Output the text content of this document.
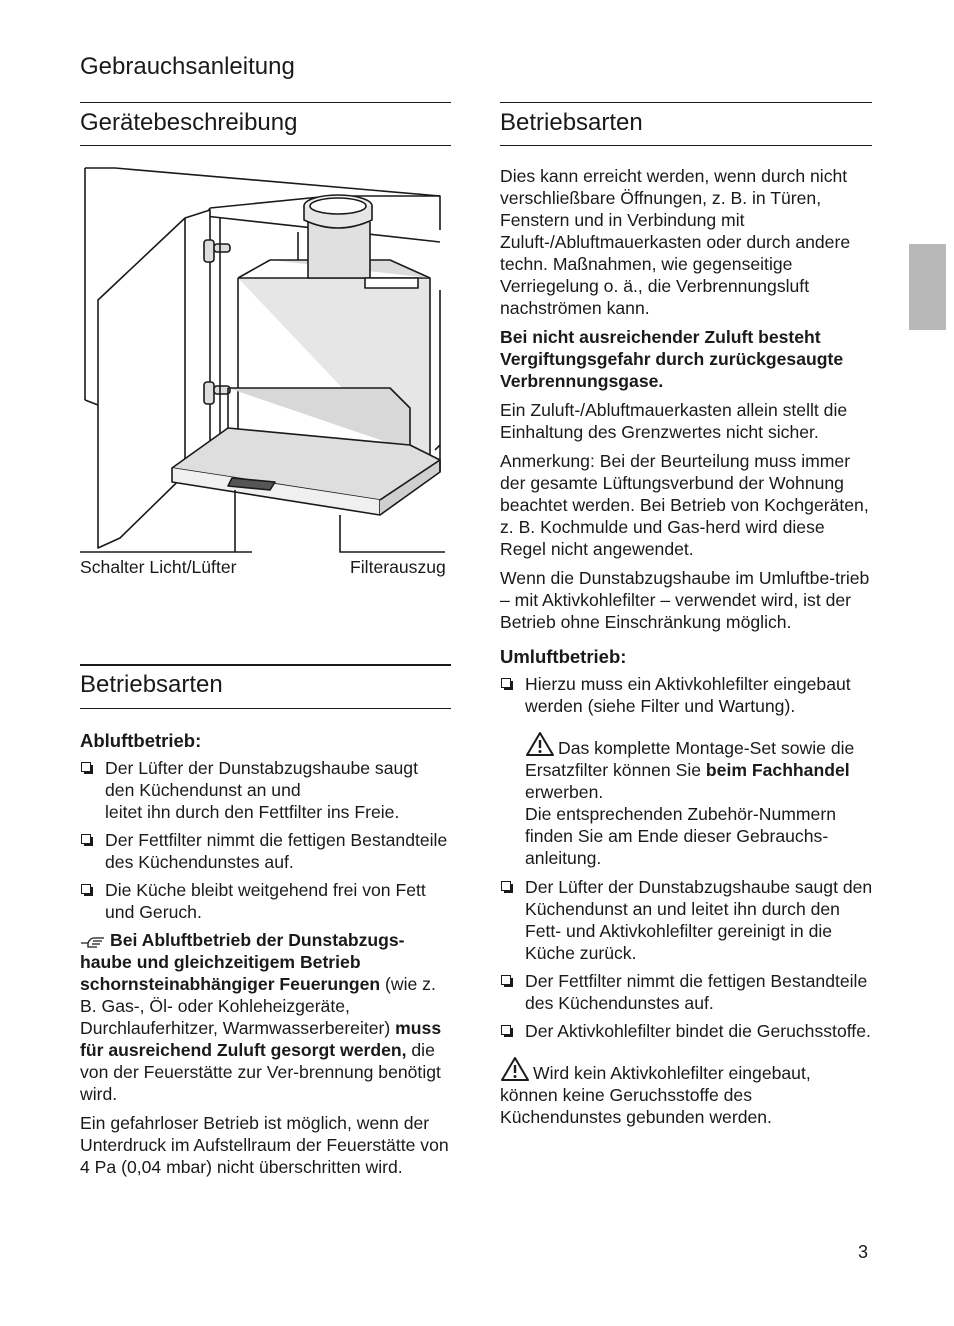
Gebrauchsanleitung
Gerätebeschreibung
Schalter Licht/Lüfter	Filterauszug
Betriebsarten
Abluftbetrieb:
Der Lüfter der Dunstabzugshaube saugt
den Küchendunst an und
leitet ihn durch den Fettfilter ins Freie.
Der Fettfilter nimmt die fettigen Bestandteile des Küchendunstes auf.
Die Küche bleibt weitgehend frei von Fett und Geruch.

Bei Abluftbetrieb der Dunstabzugs-haube und gleichzeitigem Betrieb schornsteinabhängiger Feuerungen (wie z. B. Gas-, Öl- oder Kohleheizgeräte, Durchlauferhitzer, Warmwasserbereiter) muss für ausreichend Zuluft gesorgt werden, die von der Feuerstätte zur Ver-brennung benötigt wird.

Ein gefahrloser Betrieb ist möglich, wenn der Unterdruck im Aufstellraum der Feuerstätte von 4 Pa (0,04 mbar) nicht überschritten wird.

Betriebsarten

Dies kann erreicht werden, wenn durch nicht verschließbare Öffnungen, z. B. in Türen, Fenstern und in Verbindung mit Zuluft-/Abluftmauerkasten oder durch andere techn. Maßnahmen, wie gegenseitige Verriegelung o. ä., die Verbrennungsluft nachströmen kann.

Bei nicht ausreichender Zuluft besteht Vergiftungsgefahr durch zurückgesaugte Verbrennungsgase.

Ein Zuluft-/Abluftmauerkasten allein stellt die Einhaltung des Grenzwertes nicht sicher.

Anmerkung: Bei der Beurteilung muss immer der gesamte Lüftungsverbund der Wohnung beachtet werden. Bei Betrieb von Kochgeräten, z. B. Kochmulde und Gas-herd wird diese Regel nicht angewendet.

Wenn die Dunstabzugshaube im Umluftbe-trieb – mit Aktivkohlefilter – verwendet wird, ist der Betrieb ohne Einschränkung möglich.

Umluftbetrieb:
Hierzu muss ein Aktivkohlefilter eingebaut werden (siehe Filter und Wartung).

Das komplette Montage-Set sowie die Ersatzfilter können Sie beim Fachhandel erwerben.
Die entsprechenden Zubehör-Nummern finden Sie am Ende dieser Gebrauchs-anleitung.

Der Lüfter der Dunstabzugshaube saugt den Küchendunst an und leitet ihn durch den Fett- und Aktivkohlefilter gereinigt in die Küche zurück.
Der Fettfilter nimmt die fettigen Bestandteile des Küchendunstes auf.
Der Aktivkohlefilter bindet die Geruchsstoffe.

Wird kein Aktivkohlefilter eingebaut, können keine Geruchsstoffe des Küchendunstes gebunden werden.

3
